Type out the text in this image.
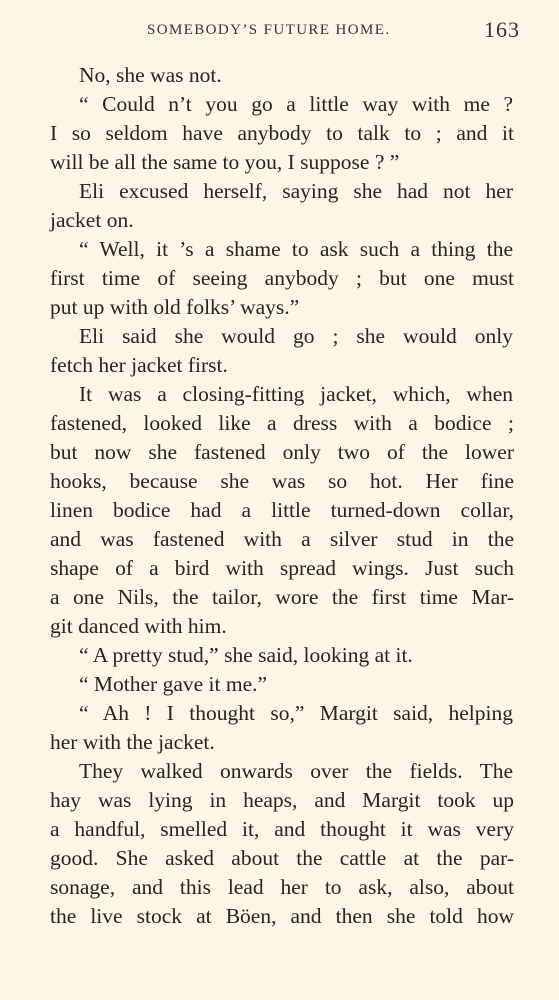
SOMEBODY’S FUTURE HOME.	163
No, she was not.
“ Could n’t you go a little way with me ?
I so seldom have anybody to talk to ; and it
will be all the same to you, I suppose ? ”
Eli excused herself, saying she had not her
jacket on.
“ Well, it ’s a shame to ask such a thing the
first time of seeing anybody ; but one must
put up with old folks’ ways.”
Eli said she would go ; she would only
fetch her jacket first.
It was a closing-fitting jacket, which, when
fastened, looked like a dress with a bodice ;
but now she fastened only two of the lower
hooks, because she was so hot. Her fine
linen bodice had a little turned-down collar,
and was fastened with a silver stud in the
shape of a bird with spread wings. Just such
a one Nils, the tailor, wore the first time Mar-
git danced with him.
“ A pretty stud,” she said, looking at it.
“ Mother gave it me.”
“ Ah ! I thought so,” Margit said, helping
her with the jacket.
They walked onwards over the fields. The
hay was lying in heaps, and Margit took up
a handful, smelled it, and thought it was very
good. She asked about the cattle at the par-
sonage, and this lead her to ask, also, about
the live stock at Böen, and then she told how
